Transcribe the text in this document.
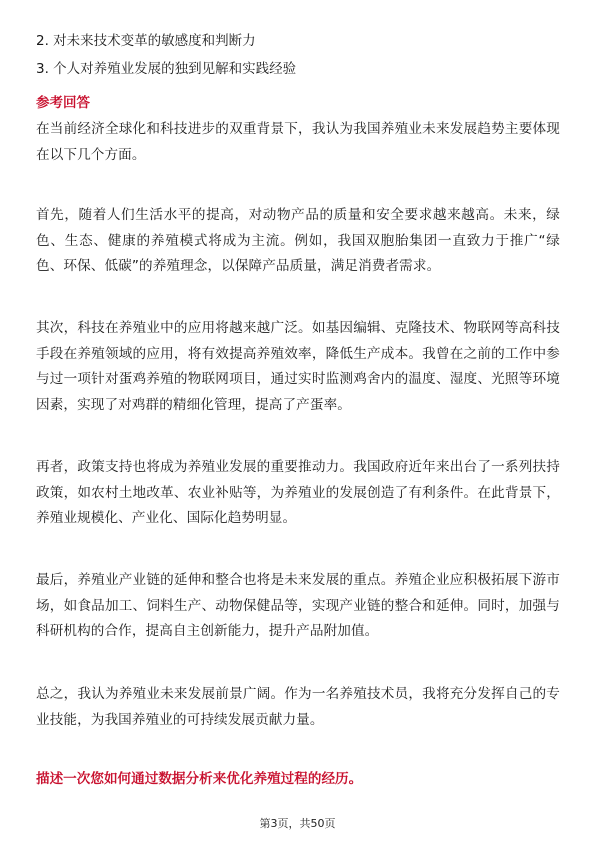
2. 对未来技术变革的敏感度和判断力
3. 个人对养殖业发展的独到见解和实践经验
参考回答

在当前经济全球化和科技进步的双重背景下，我认为我国养殖业未来发展趋势主要体现在以下几个方面。

首先，随着人们生活水平的提高，对动物产品的质量和安全要求越来越高。未来，绿色、生态、健康的养殖模式将成为主流。例如，我国双胞胎集团一直致力于推广“绿色、环保、低碳”的养殖理念，以保障产品质量，满足消费者需求。

其次，科技在养殖业中的应用将越来越广泛。如基因编辑、克隆技术、物联网等高科技手段在养殖领域的应用，将有效提高养殖效率，降低生产成本。我曾在之前的工作中参与过一项针对蛋鸡养殖的物联网项目，通过实时监测鸡舍内的温度、湿度、光照等环境因素，实现了对鸡群的精细化管理，提高了产蛋率。

再者，政策支持也将成为养殖业发展的重要推动力。我国政府近年来出台了一系列扶持政策，如农村土地改革、农业补贴等，为养殖业的发展创造了有利条件。在此背景下，养殖业规模化、产业化、国际化趋势明显。

最后，养殖业产业链的延伸和整合也将是未来发展的重点。养殖企业应积极拓展下游市场，如食品加工、饲料生产、动物保健品等，实现产业链的整合和延伸。同时，加强与科研机构的合作，提高自主创新能力，提升产品附加值。

总之，我认为养殖业未来发展前景广阔。作为一名养殖技术员，我将充分发挥自己的专业技能，为我国养殖业的可持续发展贡献力量。

描述一次您如何通过数据分析来优化养殖过程的经历。
第3页，共50页
